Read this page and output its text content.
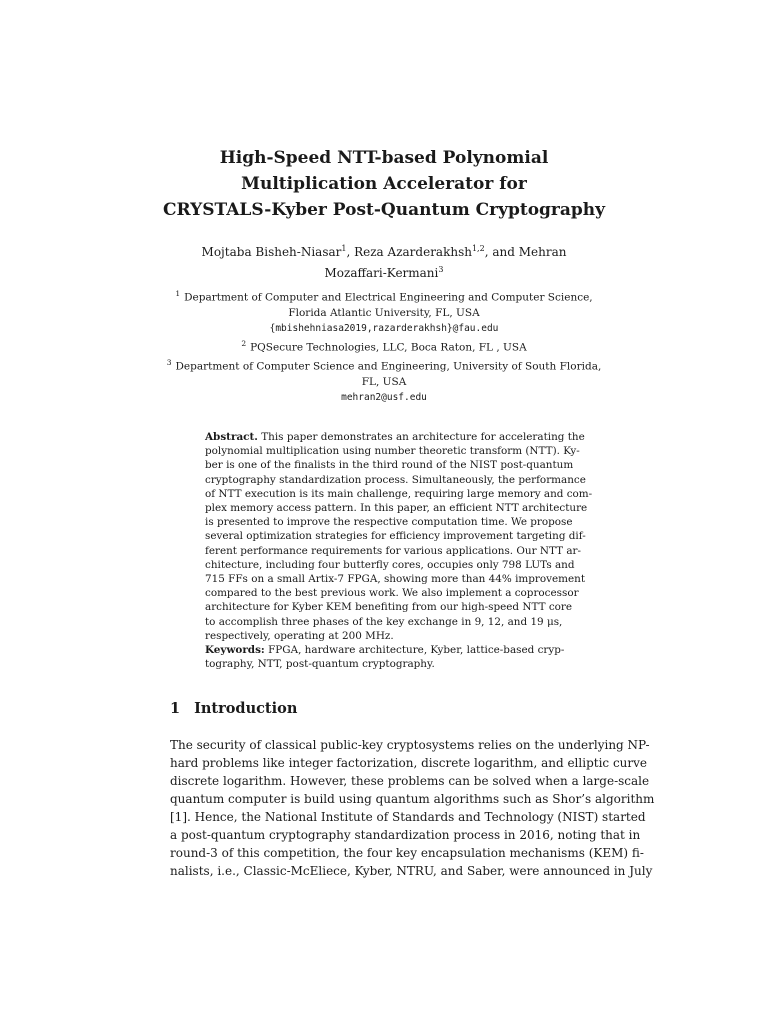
High-Speed NTT-based Polynomial
Multiplication Accelerator for
CRYSTALS-Kyber Post-Quantum Cryptography
Mojtaba Bisheh-Niasar$^1$, Reza Azarderakhsh$^{1,2}$, and Mehran
Mozaffari-Kermani$^3$
$^1$ Department of Computer and Electrical Engineering and Computer Science,
Florida Atlantic University, FL, USA
{mbishehniasa2019,razarderakhsh}@fau.edu
$^2$ PQSecure Technologies, LLC, Boca Raton, FL , USA
$^3$ Department of Computer Science and Engineering, University of South Florida,
FL, USA
mehran2@usf.edu
Abstract. This paper demonstrates an architecture for accelerating the
polynomial multiplication using number theoretic transform (NTT). Ky-
ber is one of the finalists in the third round of the NIST post-quantum
cryptography standardization process. Simultaneously, the performance
of NTT execution is its main challenge, requiring large memory and com-
plex memory access pattern. In this paper, an efficient NTT architecture
is presented to improve the respective computation time. We propose
several optimization strategies for efficiency improvement targeting dif-
ferent performance requirements for various applications. Our NTT ar-
chitecture, including four butterfly cores, occupies only 798 LUTs and
715 FFs on a small Artix-7 FPGA, showing more than 44% improvement
compared to the best previous work. We also implement a coprocessor
architecture for Kyber KEM benefiting from our high-speed NTT core
to accomplish three phases of the key exchange in 9, 12, and 19 μs,
respectively, operating at 200 MHz.
Keywords: FPGA, hardware architecture, Kyber, lattice-based cryp-
tography, NTT, post-quantum cryptography.
1 Introduction
The security of classical public-key cryptosystems relies on the underlying NP-
hard problems like integer factorization, discrete logarithm, and elliptic curve
discrete logarithm. However, these problems can be solved when a large-scale
quantum computer is build using quantum algorithms such as Shor’s algorithm
[1]. Hence, the National Institute of Standards and Technology (NIST) started
a post-quantum cryptography standardization process in 2016, noting that in
round-3 of this competition, the four key encapsulation mechanisms (KEM) fi-
nalists, i.e., Classic-McEliece, Kyber, NTRU, and Saber, were announced in July
